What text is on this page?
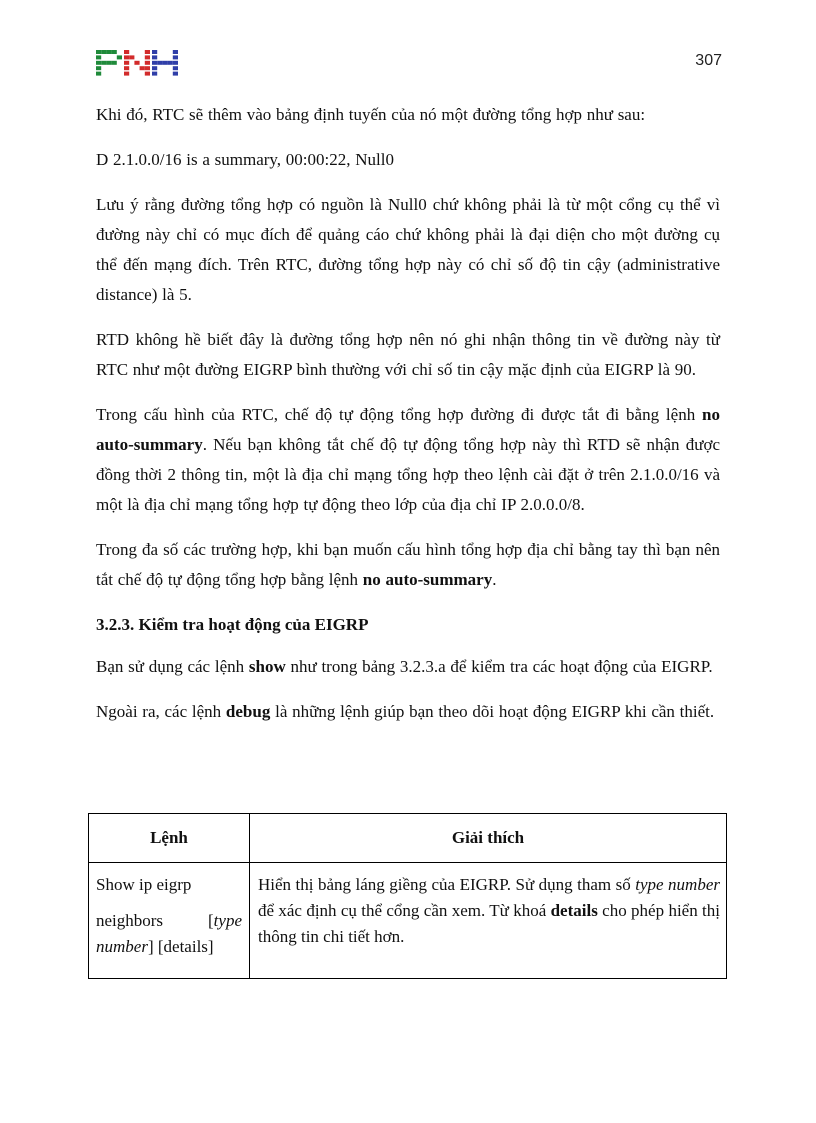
307

Khi đó, RTC sẽ thêm vào bảng định tuyến của nó một đường tổng hợp như sau:

D 2.1.0.0/16 is a summary, 00:00:22, Null0

Lưu ý rằng đường tổng hợp có nguồn là Null0 chứ không phải là từ một cổng cụ thể vì đường này chỉ có mục đích để quảng cáo chứ không phải là đại diện cho một đường cụ thể đến mạng đích. Trên RTC, đường tổng hợp này có chỉ số độ tin cậy (administrative distance) là 5.

RTD không hề biết đây là đường tổng hợp nên nó ghi nhận thông tin về đường này từ RTC như một đường EIGRP bình thường với chỉ số tin cậy mặc định của EIGRP là 90.

Trong cấu hình của RTC, chế độ tự động tổng hợp đường đi được tắt đi bằng lệnh no auto-summary. Nếu bạn không tắt chế độ tự động tổng hợp này thì RTD sẽ nhận được đồng thời 2 thông tin, một là địa chỉ mạng tổng hợp theo lệnh cài đặt ở trên 2.1.0.0/16 và một là địa chỉ mạng tổng hợp tự động theo lớp của địa chỉ IP 2.0.0.0/8.

Trong đa số các trường hợp, khi bạn muốn cấu hình tổng hợp địa chỉ bằng tay thì bạn nên tắt chế độ tự động tổng hợp bằng lệnh no auto-summary.

3.2.3. Kiểm tra hoạt động của EIGRP

Bạn sử dụng các lệnh show như trong bảng 3.2.3.a để kiểm tra các hoạt động của EIGRP.

Ngoài ra, các lệnh debug là những lệnh giúp bạn theo dõi hoạt động EIGRP khi cần thiết.

Lệnh	Giải thích

Show ip eigrp
neighbors [type
number] [details]	Hiển thị bảng láng giềng của EIGRP. Sử dụng tham số type number để xác định cụ thể cổng cần xem. Từ khoá details cho phép hiển thị thông tin chi tiết hơn.
